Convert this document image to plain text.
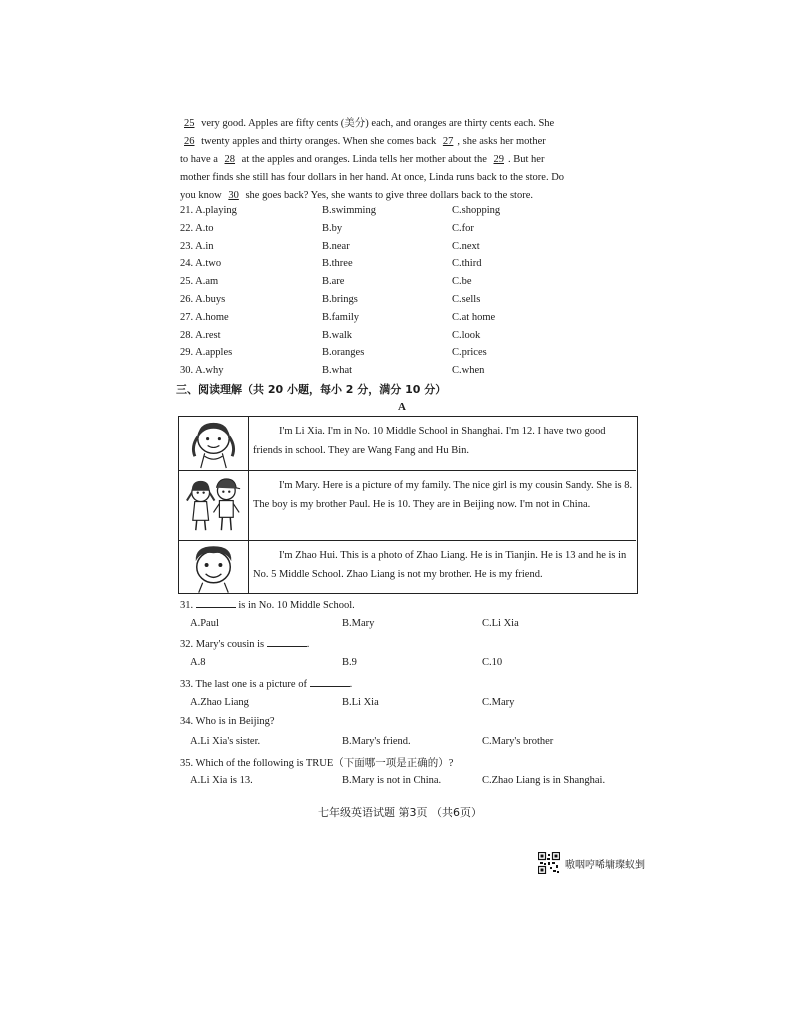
25 very good. Apples are fifty cents (美分) each, and oranges are thirty cents each. She

26 twenty apples and thirty oranges. When she comes back 27 , she asks her mother

to have a 28 at the apples and oranges. Linda tells her mother about the 29 . But her

mother finds she still has four dollars in her hand. At once, Linda runs back to the store. Do

you know 30 she goes back? Yes, she wants to give three dollars back to the store.

21. A.playing	B.swimming	C.shopping
22. A.to	B.by	C.for
23. A.in	B.near	C.next
24. A.two	B.three	C.third
25. A.am	B.are	C.be
26. A.buys	B.brings	C.sells
27. A.home	B.family	C.at home
28. A.rest	B.walk	C.look
29. A.apples	B.oranges	C.prices
30. A.why	B.what	C.when
三、阅读理解（共 20 小题，每小 2 分，满分 10 分）
A
I'm Li Xia. I'm in No. 10 Middle School in Shanghai. I'm 12. I have two good friends in school. They are Wang Fang and Hu Bin.
I'm Mary. Here is a picture of my family. The nice girl is my cousin Sandy. She is 8. The boy is my brother Paul. He is 10. They are in Beijing now. I'm not in China.
I'm Zhao Hui. This is a photo of Zhao Liang. He is in Tianjin. He is 13 and he is in No. 5 Middle School. Zhao Liang is not my brother. He is my friend.
31.	is in No. 10 Middle School.
A.Paul	B.Mary	C.Li Xia
32. Mary's cousin is	.
A.8	B.9	C.10
33. The last one is a picture of	.
A.Zhao Liang	B.Li Xia	C.Mary
34. Who is in Beijing?
A.Li Xia's sister.	B.Mary's friend.	C.Mary's brother
35. Which of the following is TRUE（下面哪一项是正确的）?
A.Li Xia is 13.	B.Mary is not in China.	C.Zhao Liang is in Shanghai.
七年级英语试题 第3页 （共6页）
嗷咽哼唏墉璨蚁剉
